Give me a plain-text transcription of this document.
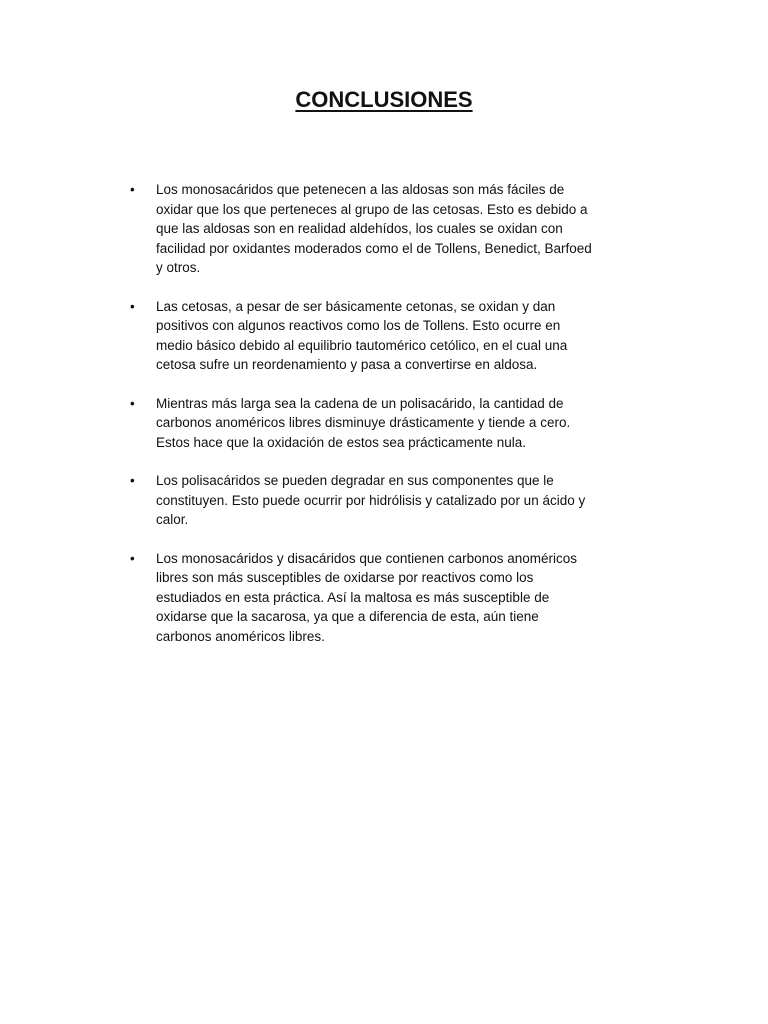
CONCLUSIONES
• Los monosacáridos que petenecen a las aldosas son más fáciles de
oxidar que los que perteneces al grupo de las cetosas. Esto es debido a
que las aldosas son en realidad aldehídos, los cuales se oxidan con
facilidad por oxidantes moderados como el de Tollens, Benedict, Barfoed
y otros.
• Las cetosas, a pesar de ser básicamente cetonas, se oxidan y dan
positivos con algunos reactivos como los de Tollens. Esto ocurre en
medio básico debido al equilibrio tautomérico cetólico, en el cual una
cetosa sufre un reordenamiento y pasa a convertirse en aldosa.
• Mientras más larga sea la cadena de un polisacárido, la cantidad de
carbonos anoméricos libres disminuye drásticamente y tiende a cero.
Estos hace que la oxidación de estos sea prácticamente nula.
• Los polisacáridos se pueden degradar en sus componentes que le
constituyen. Esto puede ocurrir por hidrólisis y catalizado por un ácido y
calor.
• Los monosacáridos y disacáridos que contienen carbonos anoméricos
libres son más susceptibles de oxidarse por reactivos como los
estudiados en esta práctica. Así la maltosa es más susceptible de
oxidarse que la sacarosa, ya que a diferencia de esta, aún tiene
carbonos anoméricos libres.
